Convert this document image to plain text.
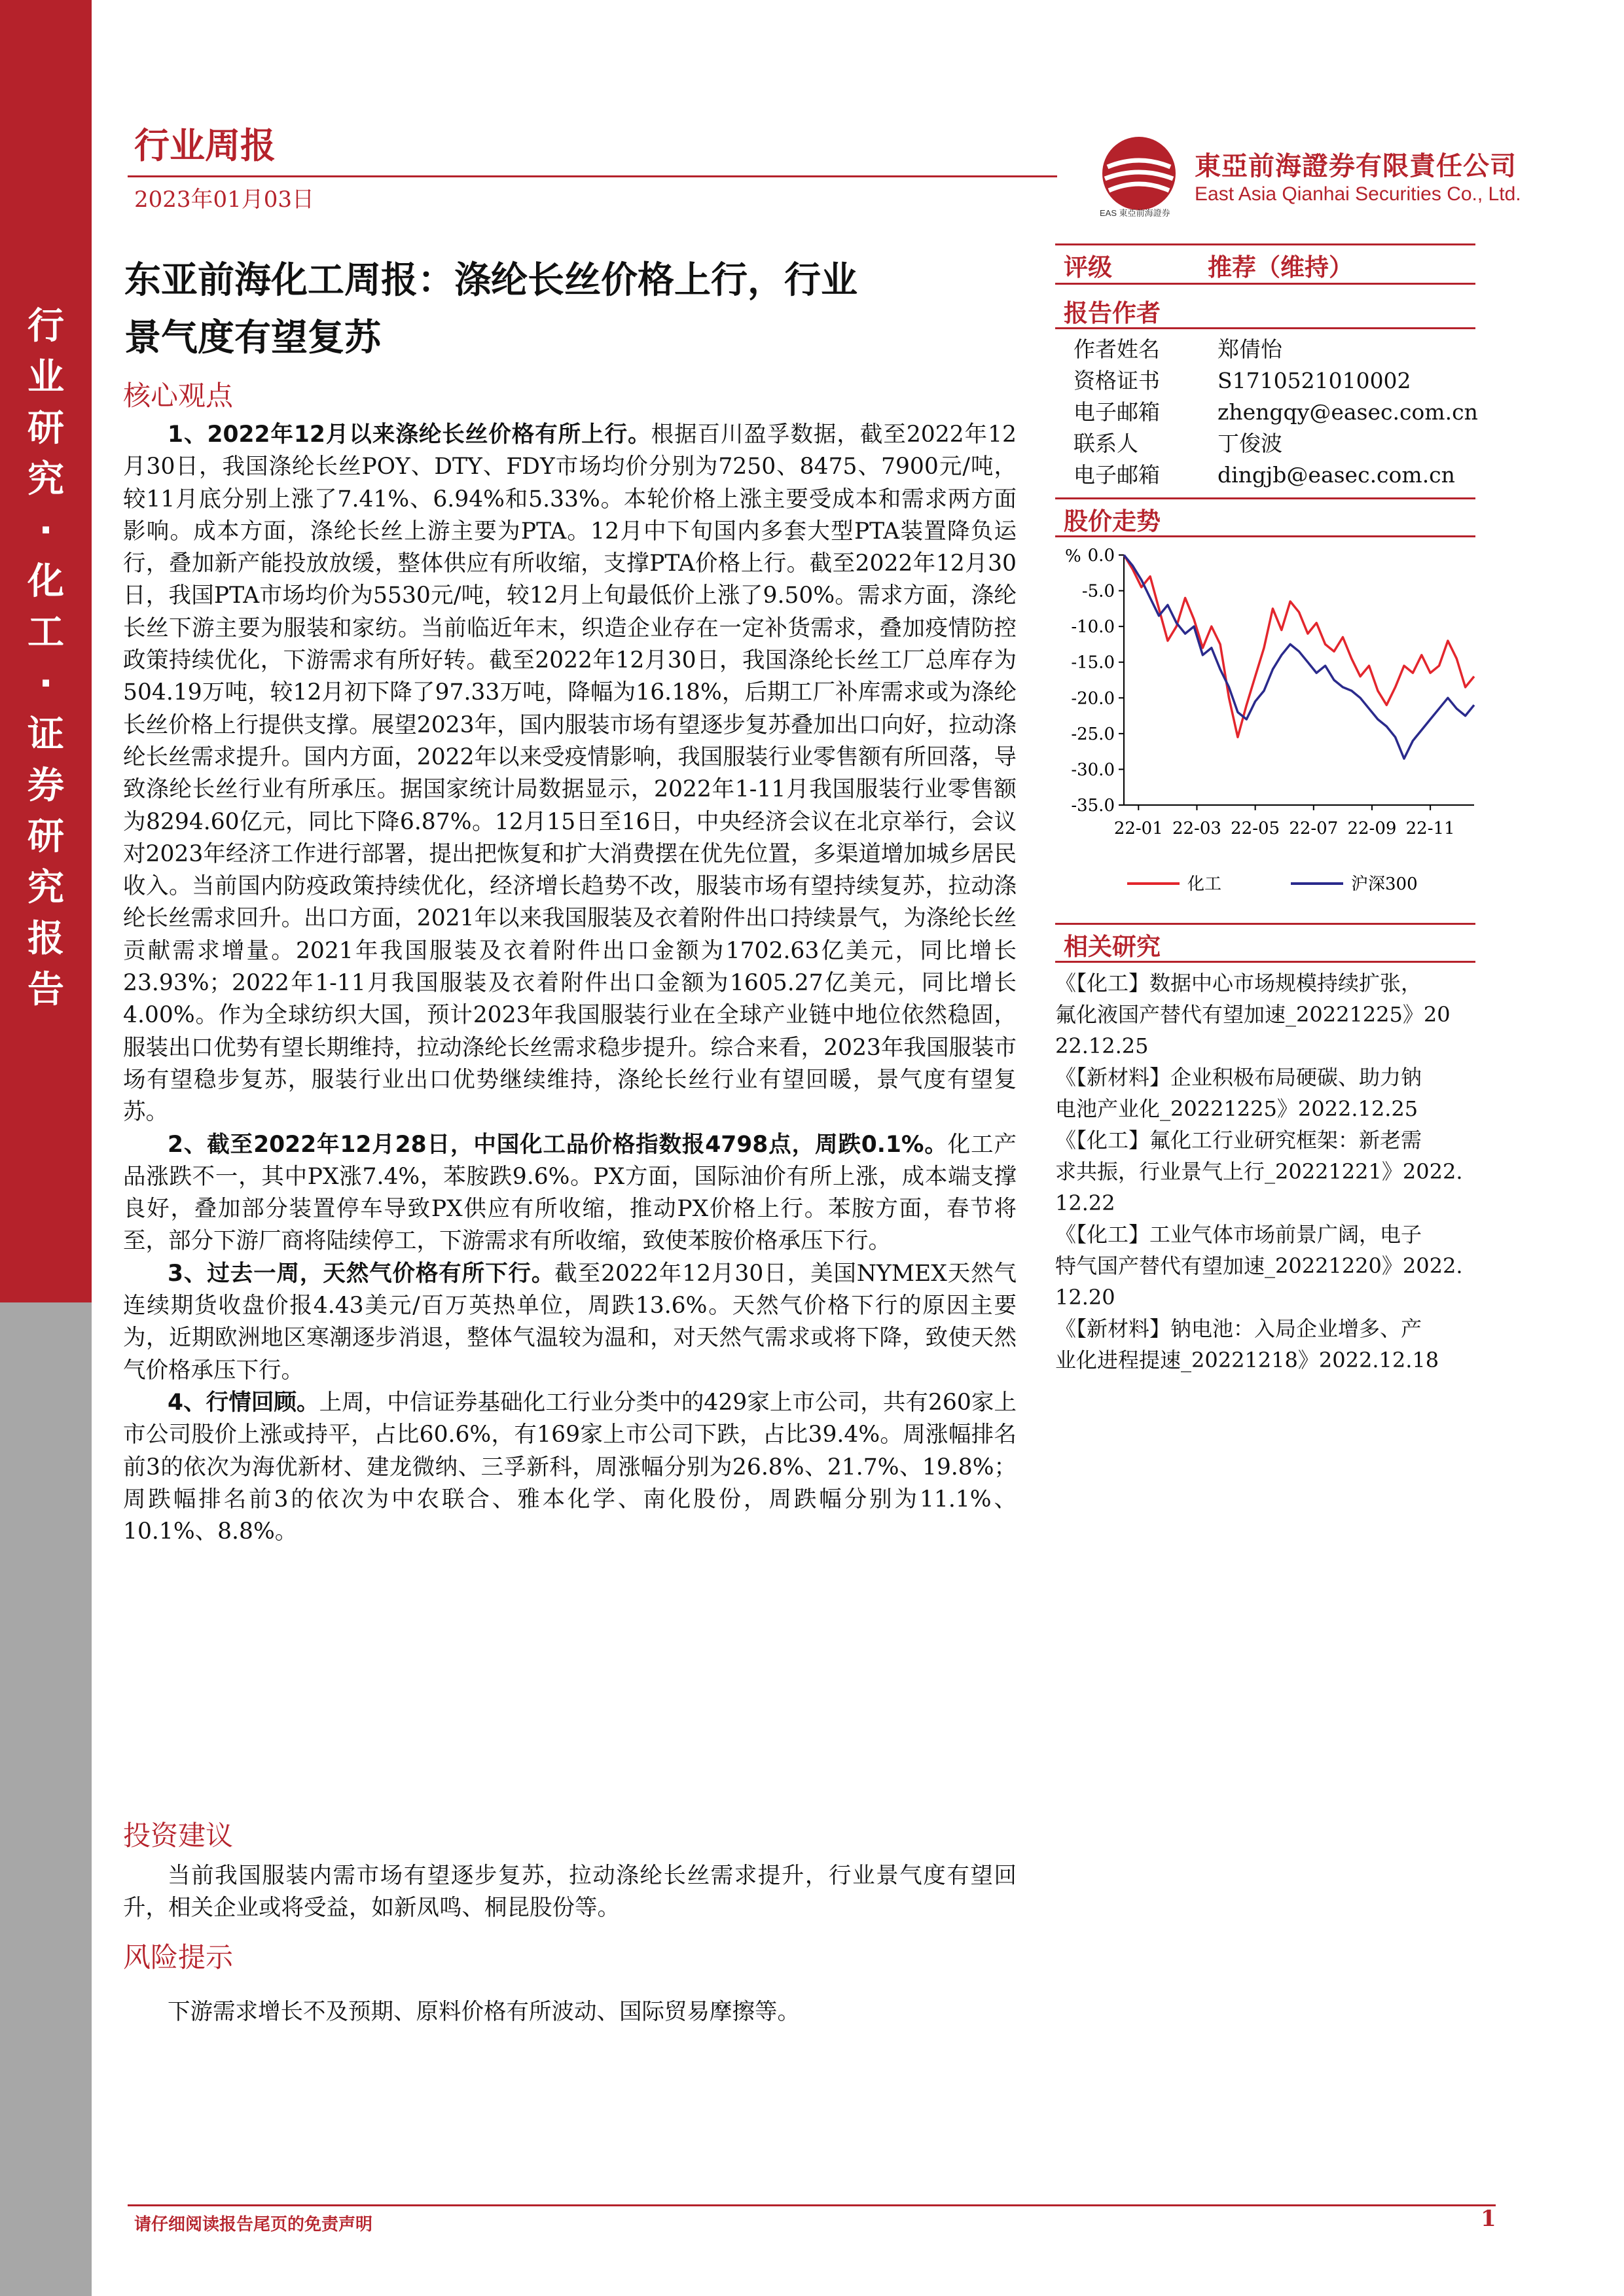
行
业
研
究
·
化
工
·
证
券
研
究
报
告
行业周报
2023年01月03日
東亞前海證券有限責任公司
East Asia Qianhai Securities Co., Ltd.
EAS 東亞前海證券
东亚前海化工周报：涤纶长丝价格上行，行业
景气度有望复苏
核心观点

1、2022年12月以来涤纶长丝价格有所上行。根据百川盈孚数据，截至2022年12月30日，我国涤纶长丝POY、DTY、FDY市场均价分别为7250、8475、7900元/吨，较11月底分别上涨了7.41%、6.94%和5.33%。本轮价格上涨主要受成本和需求两方面影响。成本方面，涤纶长丝上游主要为PTA。12月中下旬国内多套大型PTA装置降负运行，叠加新产能投放放缓，整体供应有所收缩，支撑PTA价格上行。截至2022年12月30日，我国PTA市场均价为5530元/吨，较12月上旬最低价上涨了9.50%。需求方面，涤纶长丝下游主要为服装和家纺。当前临近年末，织造企业存在一定补货需求，叠加疫情防控政策持续优化，下游需求有所好转。截至2022年12月30日，我国涤纶长丝工厂总库存为504.19万吨，较12月初下降了97.33万吨，降幅为16.18%，后期工厂补库需求或为涤纶长丝价格上行提供支撑。展望2023年，国内服装市场有望逐步复苏叠加出口向好，拉动涤纶长丝需求提升。国内方面，2022年以来受疫情影响，我国服装行业零售额有所回落，导致涤纶长丝行业有所承压。据国家统计局数据显示，2022年1-11月我国服装行业零售额为8294.60亿元，同比下降6.87%。12月15日至16日，中央经济会议在北京举行，会议对2023年经济工作进行部署，提出把恢复和扩大消费摆在优先位置，多渠道增加城乡居民收入。当前国内防疫政策持续优化，经济增长趋势不改，服装市场有望持续复苏，拉动涤纶长丝需求回升。出口方面，2021年以来我国服装及衣着附件出口持续景气，为涤纶长丝贡献需求增量。2021年我国服装及衣着附件出口金额为1702.63亿美元，同比增长23.93%；2022年1-11月我国服装及衣着附件出口金额为1605.27亿美元，同比增长4.00%。作为全球纺织大国，预计2023年我国服装行业在全球产业链中地位依然稳固，服装出口优势有望长期维持，拉动涤纶长丝需求稳步提升。综合来看，2023年我国服装市场有望稳步复苏，服装行业出口优势继续维持，涤纶长丝行业有望回暖，景气度有望复苏。

2、截至2022年12月28日，中国化工品价格指数报4798点，周跌0.1%。化工产品涨跌不一，其中PX涨7.4%，苯胺跌9.6%。PX方面，国际油价有所上涨，成本端支撑良好，叠加部分装置停车导致PX供应有所收缩，推动PX价格上行。苯胺方面，春节将至，部分下游厂商将陆续停工，下游需求有所收缩，致使苯胺价格承压下行。

3、过去一周，天然气价格有所下行。截至2022年12月30日，美国NYMEX天然气连续期货收盘价报4.43美元/百万英热单位，周跌13.6%。天然气价格下行的原因主要为，近期欧洲地区寒潮逐步消退，整体气温较为温和，对天然气需求或将下降，致使天然气价格承压下行。

4、行情回顾。上周，中信证券基础化工行业分类中的429家上市公司，共有260家上市公司股价上涨或持平，占比60.6%，有169家上市公司下跌，占比39.4%。周涨幅排名前3的依次为海优新材、建龙微纳、三孚新科，周涨幅分别为26.8%、21.7%、19.8%；周跌幅排名前3的依次为中农联合、雅本化学、南化股份，周跌幅分别为11.1%、10.1%、8.8%。

投资建议

当前我国服装内需市场有望逐步复苏，拉动涤纶长丝需求提升，行业景气度有望回升，相关企业或将受益，如新凤鸣、桐昆股份等。

风险提示

下游需求增长不及预期、原料价格有所波动、国际贸易摩擦等。

评级	推荐（维持）
报告作者
作者姓名	郑倩怡
资格证书	S1710521010002
电子邮箱	zhengqy@easec.com.cn
联系人	丁俊波
电子邮箱	dingjb@easec.com.cn
股价走势
% 0.0
-5.0
-10.0
-15.0
-20.0
-25.0
-30.0
-35.0
22-01 22-03 22-05 22-07 22-09 22-11
化工	沪深300
相关研究
《【化工】数据中心市场规模持续扩张，
氟化液国产替代有望加速_20221225》20
22.12.25
《【新材料】企业积极布局硬碳、助力钠
电池产业化_20221225》2022.12.25
《【化工】氟化工行业研究框架：新老需
求共振，行业景气上行_20221221》2022.
12.22
《【化工】工业气体市场前景广阔，电子
特气国产替代有望加速_20221220》2022.
12.20
《【新材料】钠电池：入局企业增多、产
业化进程提速_20221218》2022.12.18
请仔细阅读报告尾页的免责声明	1
